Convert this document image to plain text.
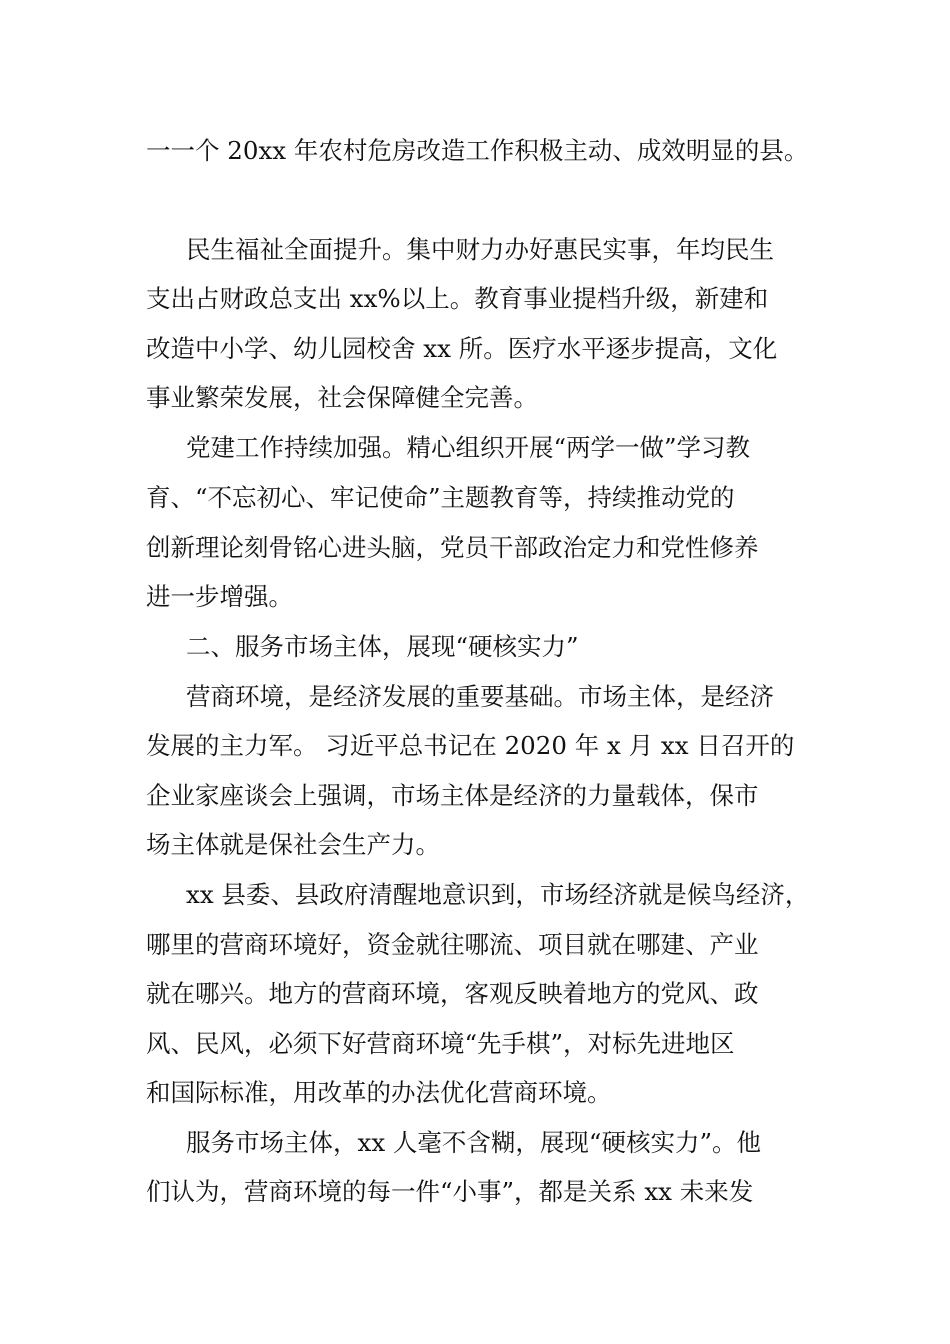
一一个 20xx 年农村危房改造工作积极主动、成效明显的县。
民生福祉全面提升。集中财力办好惠民实事，年均民生
支出占财政总支出 xx%以上。教育事业提档升级，新建和
改造中小学、幼儿园校舍 xx 所。医疗水平逐步提高，文化
事业繁荣发展，社会保障健全完善。
党建工作持续加强。精心组织开展“两学一做”学习教
育、“不忘初心、牢记使命”主题教育等，持续推动党的
创新理论刻骨铭心进头脑，党员干部政治定力和党性修养
进一步增强。
二、服务市场主体，展现“硬核实力”
营商环境，是经济发展的重要基础。市场主体，是经济
发展的主力军。 习近平总书记在 2020 年 x 月 xx 日召开的
企业家座谈会上强调，市场主体是经济的力量载体，保市
场主体就是保社会生产力。
xx 县委、县政府清醒地意识到，市场经济就是候鸟经济，
哪里的营商环境好，资金就往哪流、项目就在哪建、产业
就在哪兴。地方的营商环境，客观反映着地方的党风、政
风、民风，必须下好营商环境“先手棋”，对标先进地区
和国际标准，用改革的办法优化营商环境。
服务市场主体，xx 人毫不含糊，展现“硬核实力”。他
们认为，营商环境的每一件“小事”，都是关系 xx 未来发
